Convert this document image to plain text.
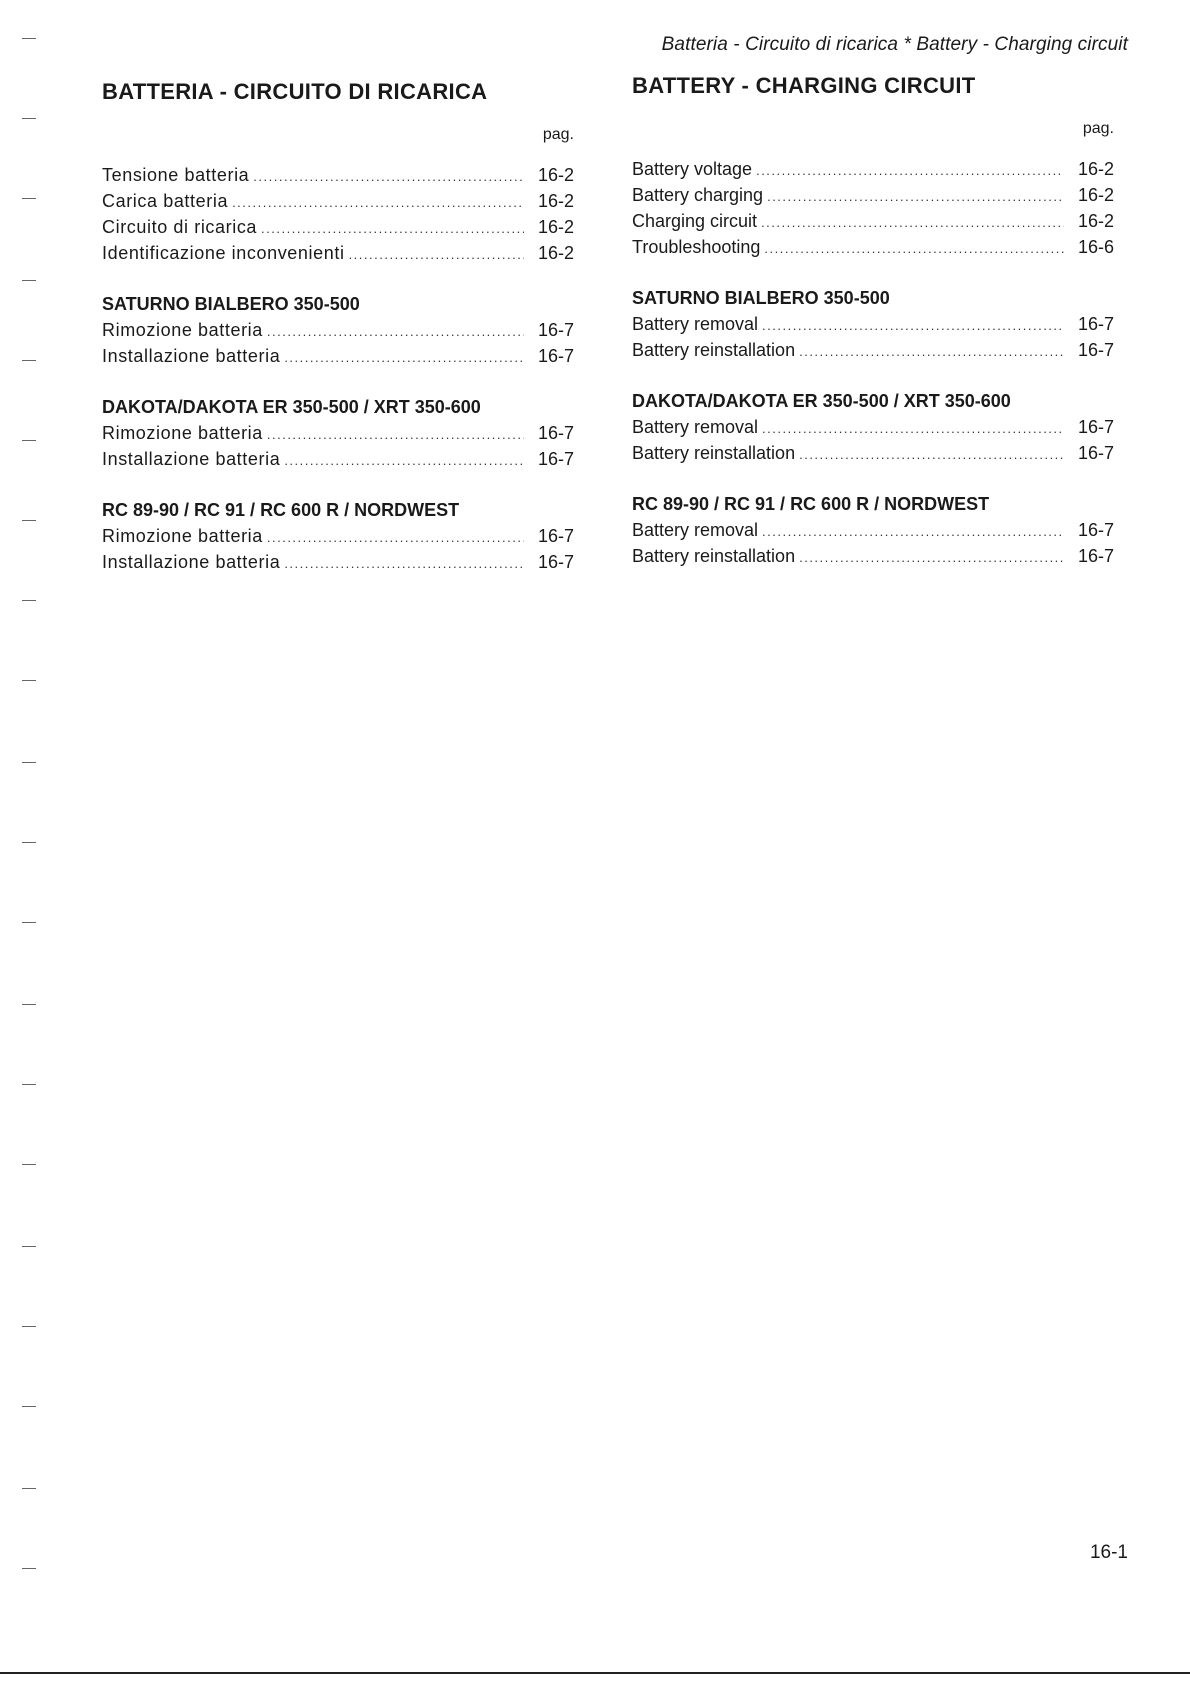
Batteria - Circuito di ricarica * Battery - Charging circuit
BATTERIA - CIRCUITO DI RICARICA
pag.
Tensione batteria .....	16-2
Carica batteria .....	16-2
Circuito di ricarica .....	16-2
Identificazione inconvenienti .....	16-2
SATURNO BIALBERO 350-500
Rimozione batteria .....	16-7
Installazione batteria .....	16-7
DAKOTA/DAKOTA ER 350-500 / XRT 350-600
Rimozione batteria .....	16-7
Installazione batteria .....	16-7
RC 89-90 / RC 91 / RC 600 R / NORDWEST
Rimozione batteria .....	16-7
Installazione batteria .....	16-7
BATTERY - CHARGING CIRCUIT
pag.
Battery voltage .....	16-2
Battery charging .....	16-2
Charging circuit .....	16-2
Troubleshooting .....	16-6
SATURNO BIALBERO 350-500
Battery removal .....	16-7
Battery reinstallation .....	16-7
DAKOTA/DAKOTA ER 350-500 / XRT 350-600
Battery removal .....	16-7
Battery reinstallation .....	16-7
RC 89-90 / RC 91 / RC 600 R / NORDWEST
Battery removal .....	16-7
Battery reinstallation .....	16-7
16-1
